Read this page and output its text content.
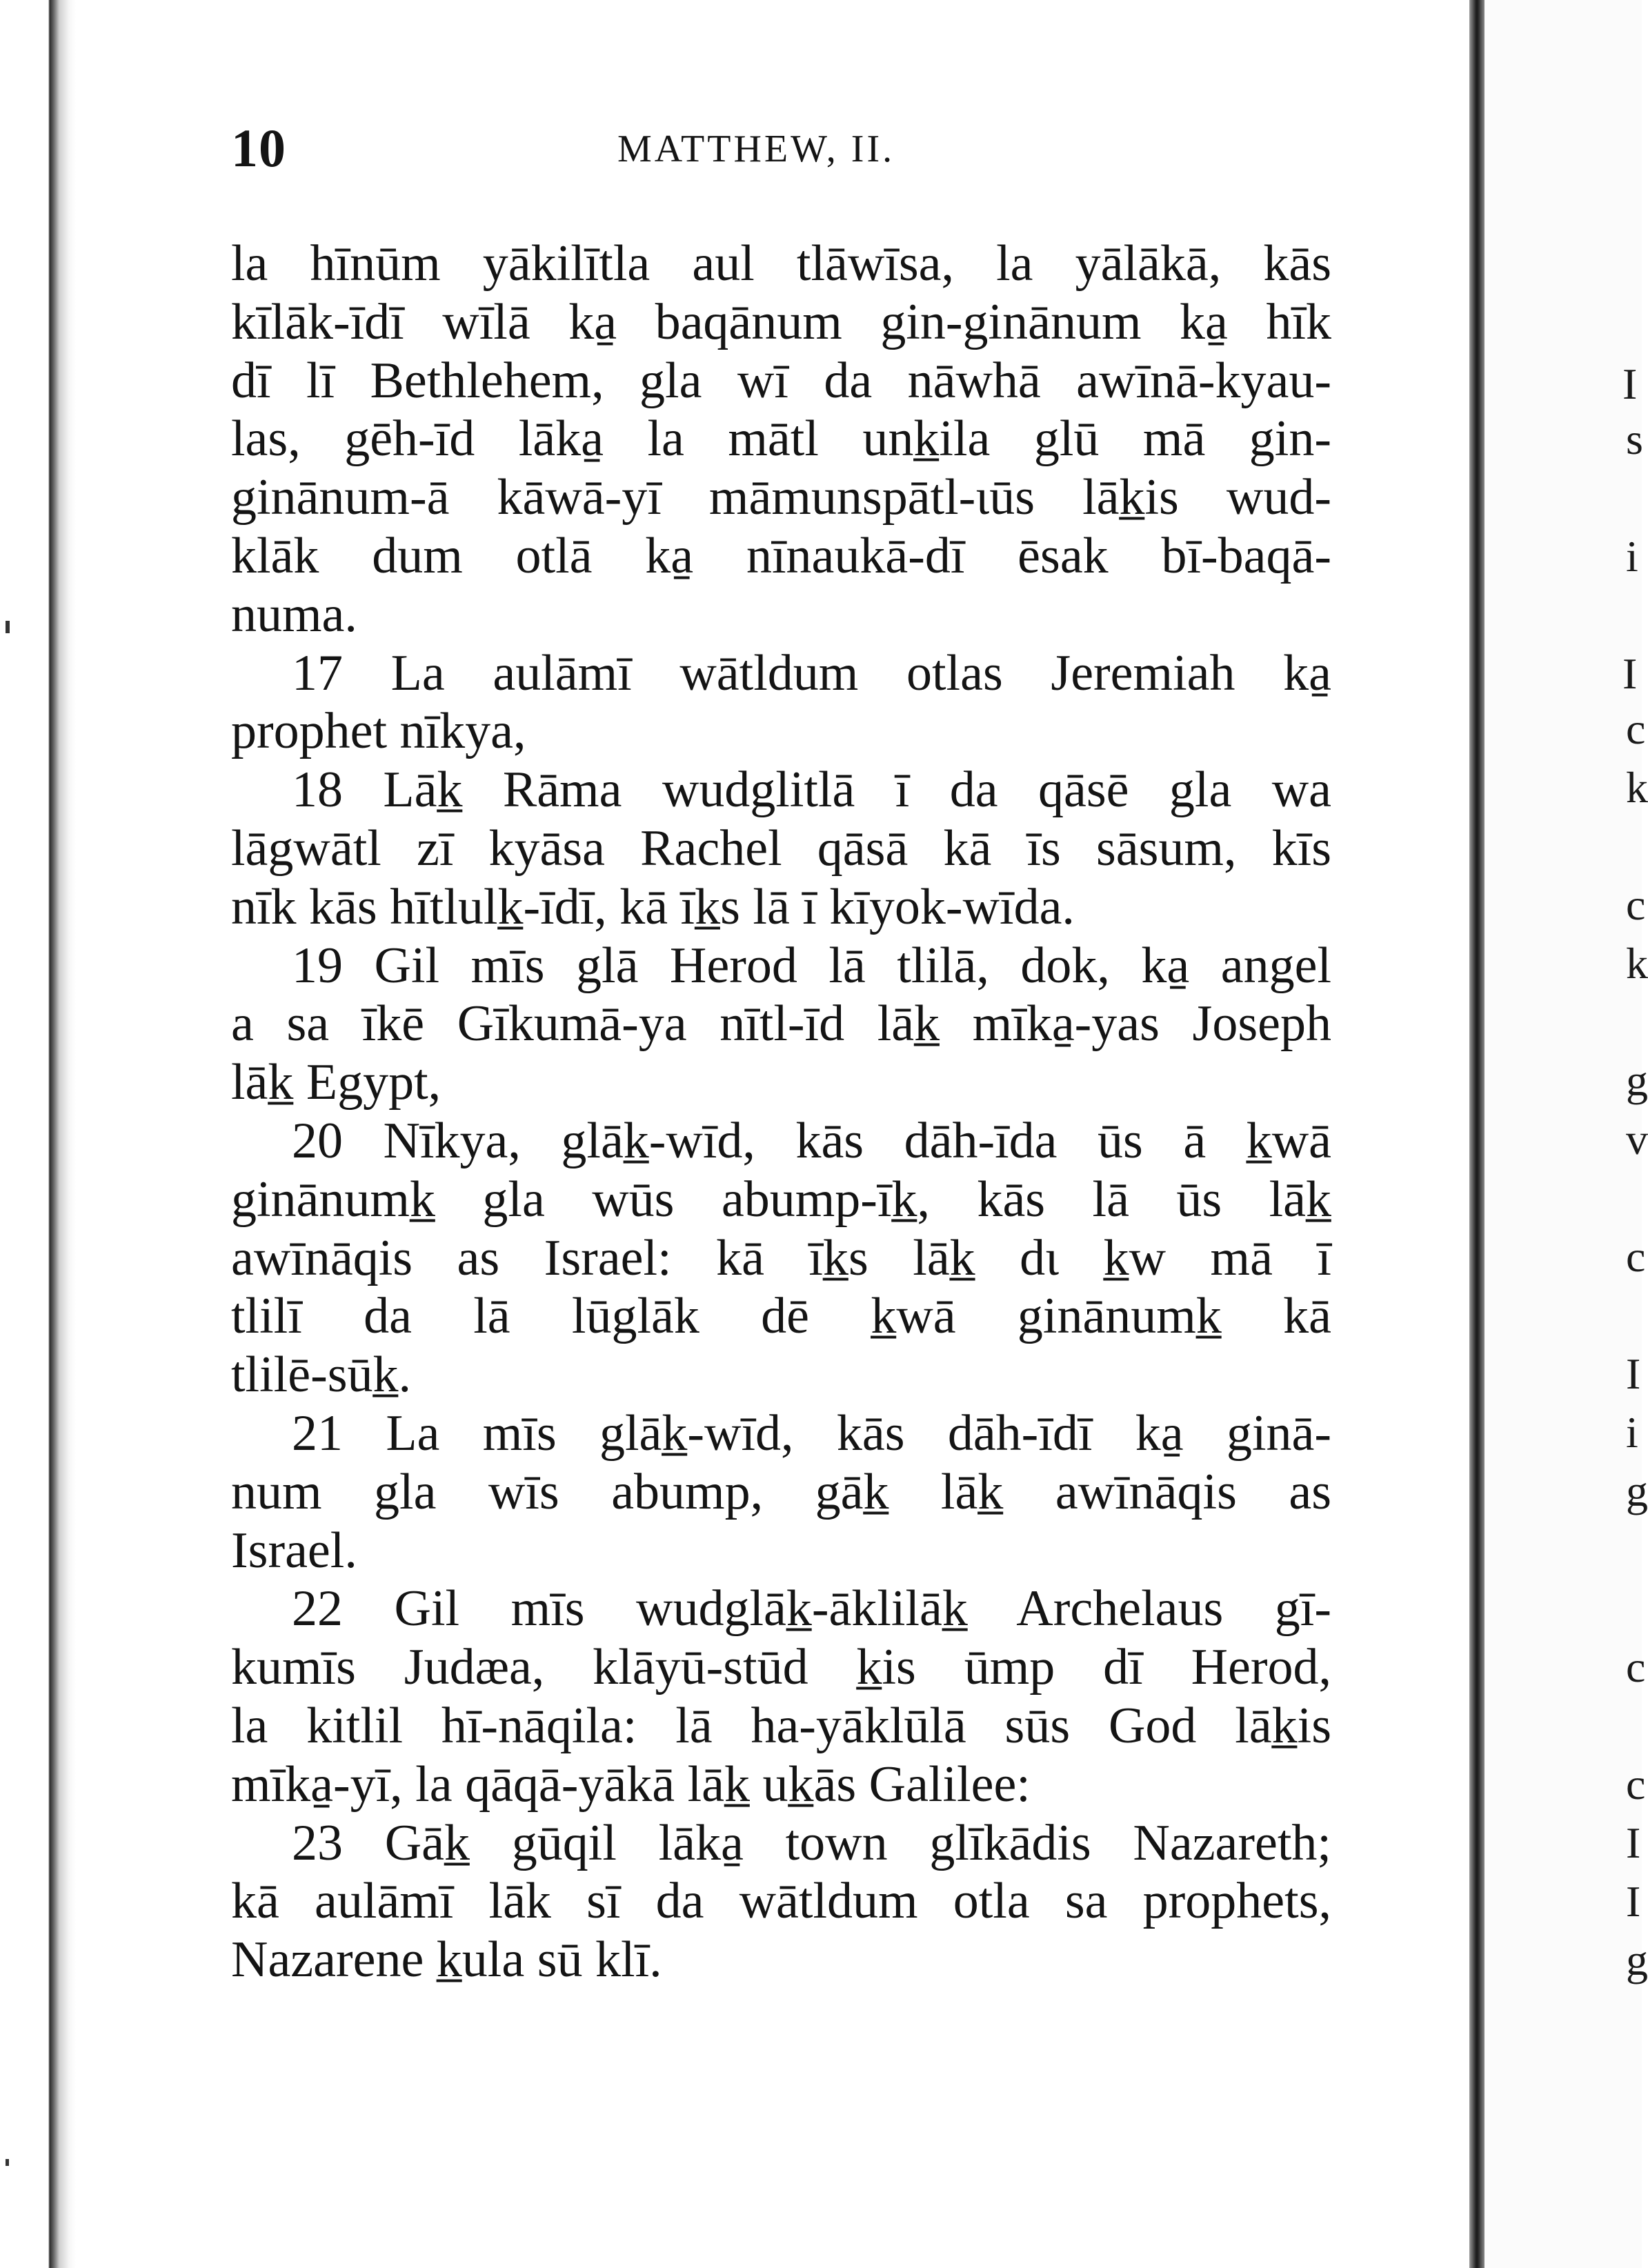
10	MATTHEW, II.
la hīnūm yākilītla aul tlāwīsa, la yālākā, kās
kīlāk-īdī wīlā ka̱ baqānum gin-ginānum ka̱ hīk
dī lī Bethlehem, gla wī da nāwhā awīnā-kyau-
las, gēh-īd lāka̱ la mātl unk̲ila glū mā gin-
ginānum-ā kāwā-yī māmunspātl-ιūs lāk̲is wud-
klāk dum otlā ka̱ nīnaukā-dī ēsak bī-baqā-
numa.
17 La aulāmī wātldum otlas Jeremiah ka̱
prophet nīkya,
18 Lāk̲ Rāma wudglitlā ī da qāsē gla wa
lāgwātl zī kyāsa Rachel qāsā kā īs sāsum, kīs
nīk kās hītlulk̲-īdī, kā īk̲s lā ī kīyok-wīda.
19 Gil mīs glā Herod lā tlilā, dok, ka̱ angel
a sa īkē Gīkumā-ya nītl-īd lāk̲ mīka̱-yas Joseph
lāk̲ Egypt,
20 Nīkya, glāk̲-wīd, kās dāh-īda ūs ā k̲wā
ginānumk̲ gla wūs abump-īk̲, kās lā ūs lāk̲
awīnāqis as Israel: kā īk̲s lāk̲ dι k̲w mā ī
tlilī da lā lūglāk dē k̲wā ginānumk̲ kā
tlilē-sūk̲.
21 La mīs glāk̲-wīd, kās dāh-īdī ka̱ ginā-
num gla wīs abump, gāk̲ lāk̲ awīnāqis as
Israel.
22 Gil mīs wudglāk̲-āklilāk̲ Archelaus gī-
kumīs Judæa, klāyū-stūd k̲is ūmp dī Herod,
la kitlil hī-nāqila: lā ha-yāklūlā sūs God lāk̲is
mīka̱-yī, la qāqā-yākā lāk̲ uk̲ās Galilee:
23 Gāk̲ gūqil lāka̱ town glīkādis Nazareth;
kā aulāmī lāk sī da wātldum otla sa prophets,
Nazarene k̲ula sū klī.
I
s
i
I
c
k
c
k
g
v
c
I
i
g
c
c
I
I
g
